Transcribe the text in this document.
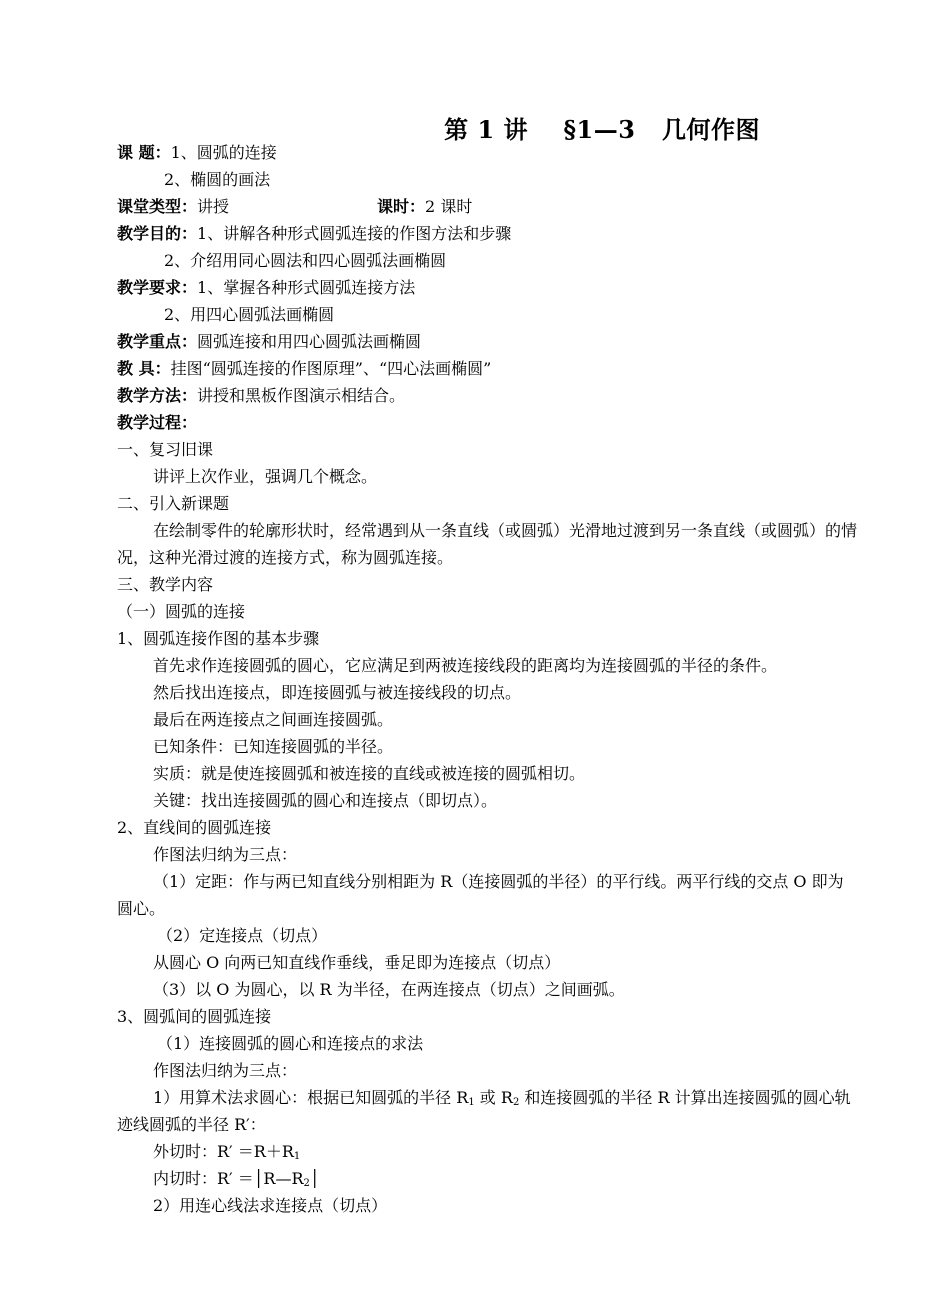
第 1 讲    §1—3   几何作图
课 题：1、圆弧的连接
2、椭圆的画法
课堂类型：讲授	课时：2 课时
教学目的：1、讲解各种形式圆弧连接的作图方法和步骤
2、介绍用同心圆法和四心圆弧法画椭圆
教学要求：1、掌握各种形式圆弧连接方法
2、用四心圆弧法画椭圆
教学重点：圆弧连接和用四心圆弧法画椭圆
教 具：挂图“圆弧连接的作图原理”、“四心法画椭圆”
教学方法：讲授和黑板作图演示相结合。
教学过程：
一、复习旧课
讲评上次作业，强调几个概念。
二、引入新课题
在绘制零件的轮廓形状时，经常遇到从一条直线（或圆弧）光滑地过渡到另一条直线（或圆弧）的情况，这种光滑过渡的连接方式，称为圆弧连接。
三、教学内容
（一）圆弧的连接
1、圆弧连接作图的基本步骤
首先求作连接圆弧的圆心，它应满足到两被连接线段的距离均为连接圆弧的半径的条件。
然后找出连接点，即连接圆弧与被连接线段的切点。
最后在两连接点之间画连接圆弧。
已知条件：已知连接圆弧的半径。
实质：就是使连接圆弧和被连接的直线或被连接的圆弧相切。
关键：找出连接圆弧的圆心和连接点（即切点）。
2、直线间的圆弧连接
作图法归纳为三点：
（1）定距：作与两已知直线分别相距为 R（连接圆弧的半径）的平行线。两平行线的交点 O 即为圆心。
（2）定连接点（切点）
从圆心 O 向两已知直线作垂线，垂足即为连接点（切点）
（3）以 O 为圆心，以 R 为半径，在两连接点（切点）之间画弧。
3、圆弧间的圆弧连接
（1）连接圆弧的圆心和连接点的求法
作图法归纳为三点：
1）用算术法求圆心：根据已知圆弧的半径 $R_1$ 或 $R_2$ 和连接圆弧的半径 R 计算出连接圆弧的圆心轨迹线圆弧的半径 R′：
外切时：$R' =R+R_1$
内切时：$R' =│R—R_2│$
2）用连心线法求连接点（切点）
